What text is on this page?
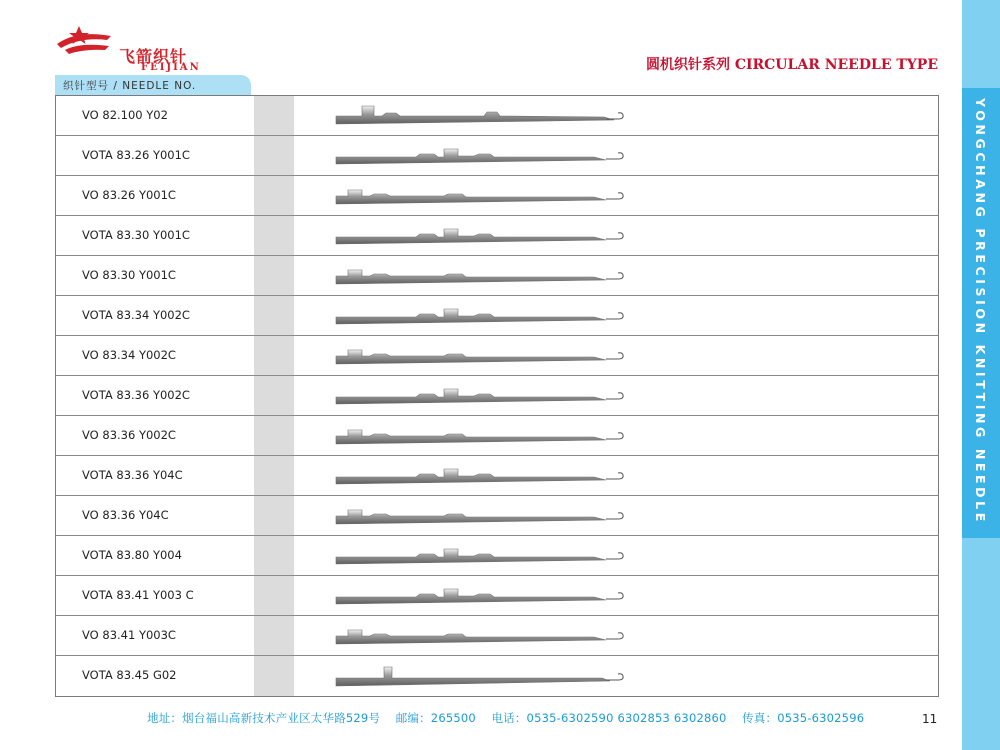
YONGCHANG PRECISION KNITTING NEEDLE
飞箭织针
FEIJIAN	圆机织针系列 CIRCULAR NEEDLE TYPE
织针型号 / NEEDLE NO.
VO 82.100 Y02
VOTA 83.26 Y001C
VO 83.26 Y001C
VOTA 83.30 Y001C
VO 83.30 Y001C
VOTA 83.34 Y002C
VO 83.34 Y002C
VOTA 83.36 Y002C
VO 83.36 Y002C
VOTA 83.36 Y04C
VO 83.36 Y04C
VOTA 83.80 Y004
VOTA 83.41 Y003 C
VO 83.41 Y003C
VOTA 83.45 G02
地址：烟台福山高新技术产业区太华路529号　 邮编：265500　 电话：0535-6302590 6302853 6302860　 传真：0535-6302596	11
